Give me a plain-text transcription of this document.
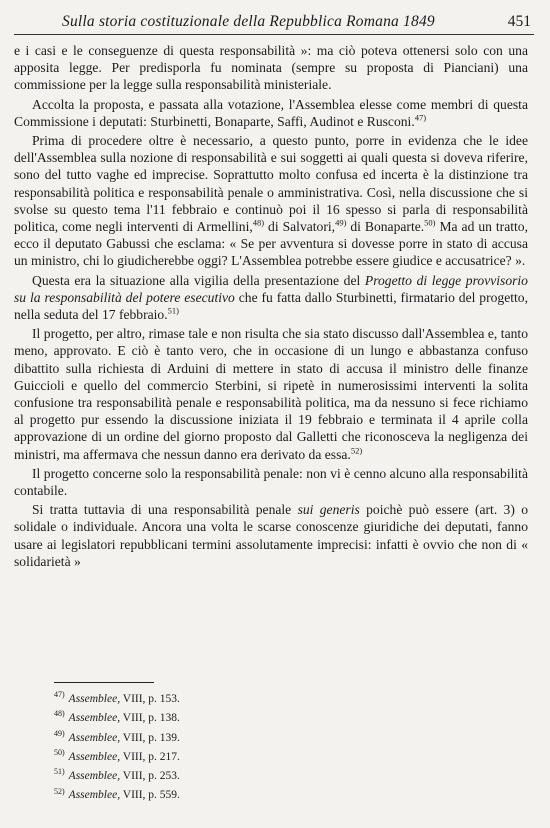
Sulla storia costituzionale della Repubblica Romana 1849	451

e i casi e le conseguenze di questa responsabilità »: ma ciò poteva ottenersi solo con una apposita legge. Per predisporla fu nominata (sempre su proposta di Pianciani) una commissione per la legge sulla responsabilità ministeriale.

Accolta la proposta, e passata alla votazione, l'Assemblea elesse come membri di questa Commissione i deputati: Sturbinetti, Bonaparte, Saffi, Audinot e Rusconi.$^{47)}$

Prima di procedere oltre è necessario, a questo punto, porre in evidenza che le idee dell'Assemblea sulla nozione di responsabilità e sui soggetti ai quali questa si doveva riferire, sono del tutto vaghe ed imprecise. Soprattutto molto confusa ed incerta è la distinzione tra responsabilità politica e responsabilità penale o amministrativa. Così, nella discussione che si svolse su questo tema l'11 febbraio e continuò poi il 16 spesso si parla di responsabilità politica, come negli interventi di Armellini,$^{48)}$ di Salvatori,$^{49)}$ di Bonaparte.$^{50)}$ Ma ad un tratto, ecco il deputato Gabussi che esclama: « Se per avventura si dovesse porre in stato di accusa un ministro, chi lo giudicherebbe oggi? L'Assemblea potrebbe essere giudice e accusatrice? ».

Questa era la situazione alla vigilia della presentazione del Progetto di legge provvisorio su la responsabilità del potere esecutivo che fu fatta dallo Sturbinetti, firmatario del progetto, nella seduta del 17 febbraio.$^{51)}$

Il progetto, per altro, rimase tale e non risulta che sia stato discusso dall'Assemblea e, tanto meno, approvato. E ciò è tanto vero, che in occasione di un lungo e abbastanza confuso dibattito sulla richiesta di Arduini di mettere in stato di accusa il ministro delle finanze Guiccioli e quello del commercio Sterbini, si ripetè in numerosissimi interventi la solita confusione tra responsabilità penale e responsabilità politica, ma da nessuno si fece richiamo al progetto pur essendo la discussione iniziata il 19 febbraio e terminata il 4 aprile colla approvazione di un ordine del giorno proposto dal Galletti che riconosceva la negligenza dei ministri, ma affermava che nessun danno era derivato da essa.$^{52)}$

Il progetto concerne solo la responsabilità penale: non vi è cenno alcuno alla responsabilità contabile.

Si tratta tuttavia di una responsabilità penale sui generis poichè può essere (art. 3) o solidale o individuale. Ancora una volta le scarse conoscenze giuridiche dei deputati, fanno usare ai legislatori repubblicani termini assolutamente imprecisi: infatti è ovvio che non di « solidarietà »

$^{47)}$ Assemblee, VIII, p. 153.
$^{48)}$ Assemblee, VIII, p. 138.
$^{49)}$ Assemblee, VIII, p. 139.
$^{50)}$ Assemblee, VIII, p. 217.
$^{51)}$ Assemblee, VIII, p. 253.
$^{52)}$ Assemblee, VIII, p. 559.
